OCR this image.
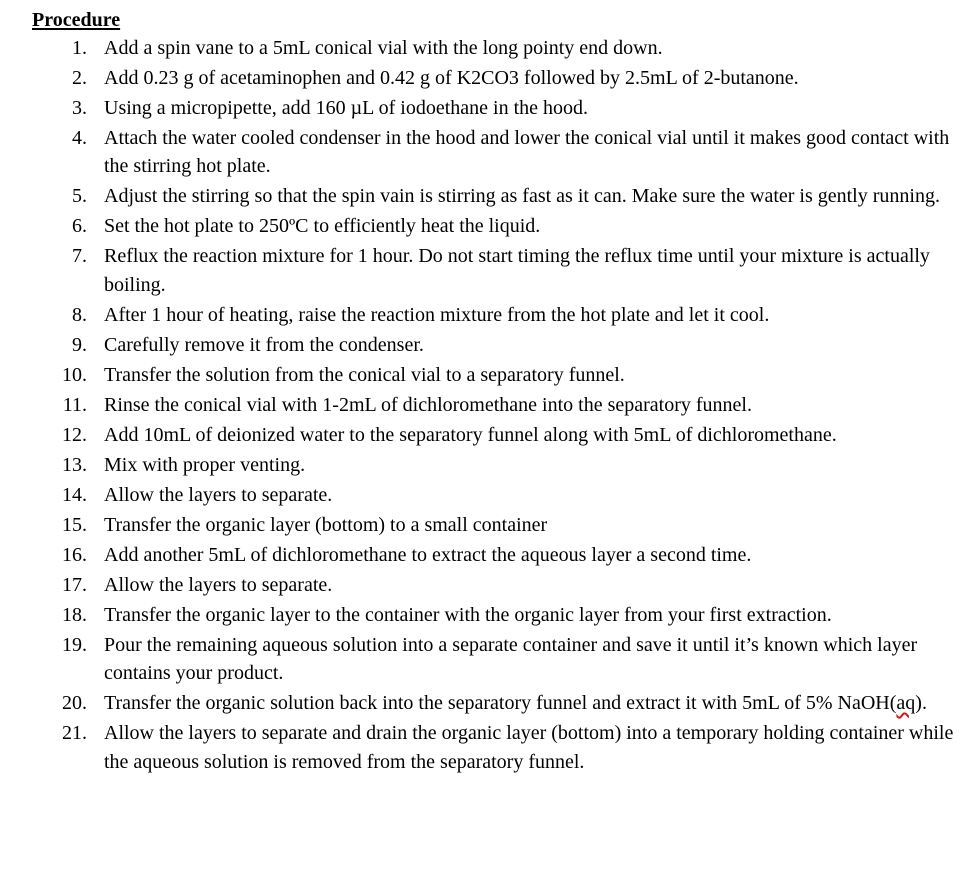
Procedure
1. Add a spin vane to a 5mL conical vial with the long pointy end down.
2. Add 0.23 g of acetaminophen and 0.42 g of K2CO3 followed by 2.5mL of 2-butanone.
3. Using a micropipette, add 160 µL of iodoethane in the hood.
4. Attach the water cooled condenser in the hood and lower the conical vial until it makes good contact with the stirring hot plate.
5. Adjust the stirring so that the spin vain is stirring as fast as it can. Make sure the water is gently running.
6. Set the hot plate to 250ºC to efficiently heat the liquid.
7. Reflux the reaction mixture for 1 hour. Do not start timing the reflux time until your mixture is actually boiling.
8. After 1 hour of heating, raise the reaction mixture from the hot plate and let it cool.
9. Carefully remove it from the condenser.
10. Transfer the solution from the conical vial to a separatory funnel.
11. Rinse the conical vial with 1-2mL of dichloromethane into the separatory funnel.
12. Add 10mL of deionized water to the separatory funnel along with 5mL of dichloromethane.
13. Mix with proper venting.
14. Allow the layers to separate.
15. Transfer the organic layer (bottom) to a small container
16. Add another 5mL of dichloromethane to extract the aqueous layer a second time.
17. Allow the layers to separate.
18. Transfer the organic layer to the container with the organic layer from your first extraction.
19. Pour the remaining aqueous solution into a separate container and save it until it’s known which layer contains your product.
20. Transfer the organic solution back into the separatory funnel and extract it with 5mL of 5% NaOH(aq).
21. Allow the layers to separate and drain the organic layer (bottom) into a temporary holding container while the aqueous solution is removed from the separatory funnel.
